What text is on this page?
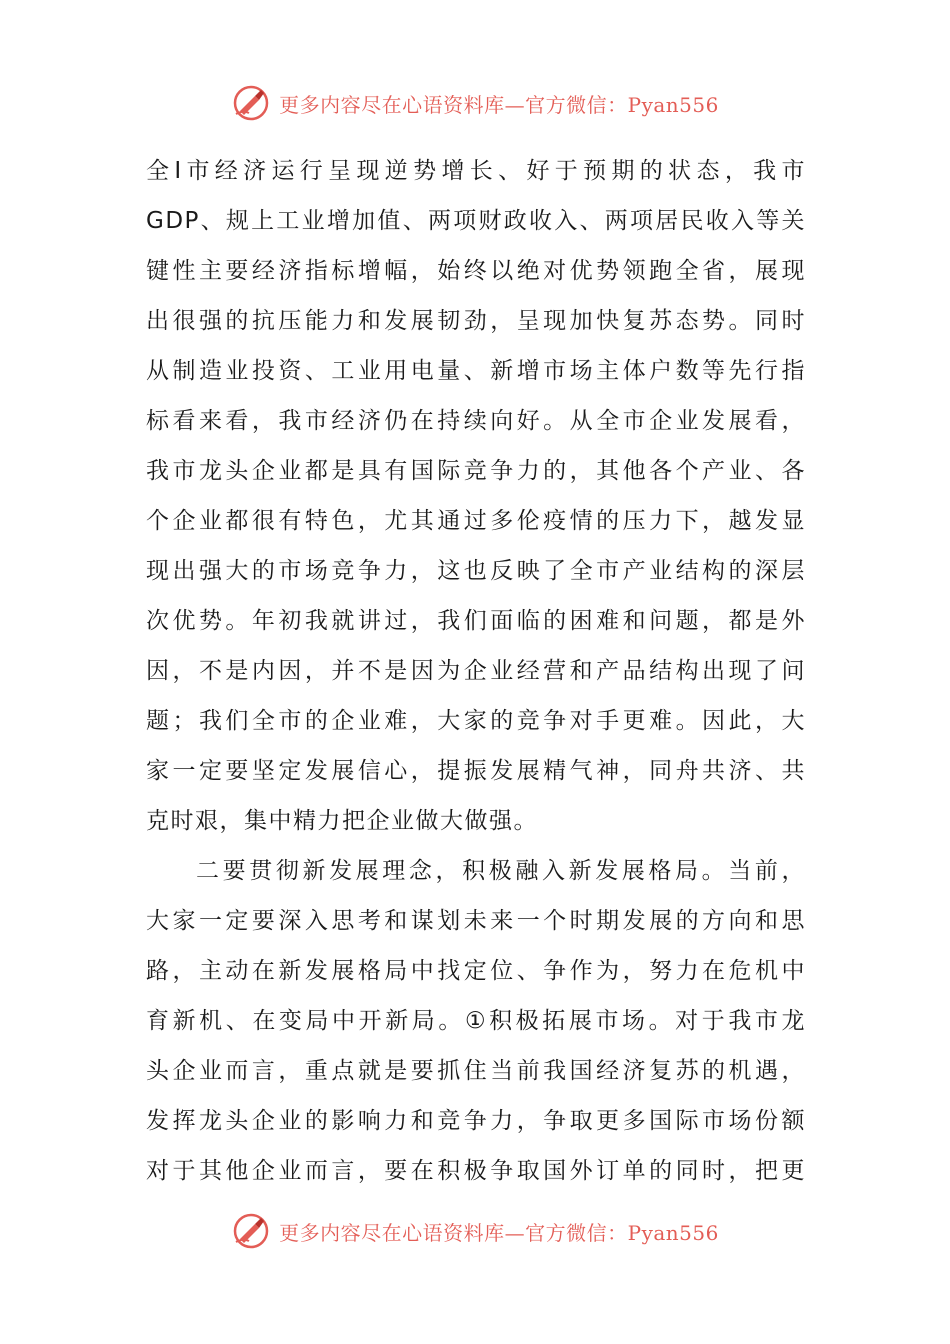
更多内容尽在心语资料库—官方微信：Pyan556
全I市经济运行呈现逆势增长、好于预期的状态，我市
GDP、规上工业增加值、两项财政收入、两项居民收入等关
键性主要经济指标增幅，始终以绝对优势领跑全省，展现
出很强的抗压能力和发展韧劲，呈现加快复苏态势。同时
从制造业投资、工业用电量、新增市场主体户数等先行指
标看来看，我市经济仍在持续向好。从全市企业发展看，
我市龙头企业都是具有国际竞争力的，其他各个产业、各
个企业都很有特色，尤其通过多伦疫情的压力下，越发显
现出强大的市场竞争力，这也反映了全市产业结构的深层
次优势。年初我就讲过，我们面临的困难和问题，都是外
因，不是内因，并不是因为企业经营和产品结构出现了问
题；我们全市的企业难，大家的竞争对手更难。因此，大
家一定要坚定发展信心，提振发展精气神，同舟共济、共
克时艰，集中精力把企业做大做强。
二要贯彻新发展理念，积极融入新发展格局。当前，
大家一定要深入思考和谋划未来一个时期发展的方向和思
路，主动在新发展格局中找定位、争作为，努力在危机中
育新机、在变局中开新局。①积极拓展市场。对于我市龙
头企业而言，重点就是要抓住当前我国经济复苏的机遇，
发挥龙头企业的影响力和竞争力，争取更多国际市场份额
对于其他企业而言，要在积极争取国外订单的同时，把更
更多内容尽在心语资料库—官方微信：Pyan556
